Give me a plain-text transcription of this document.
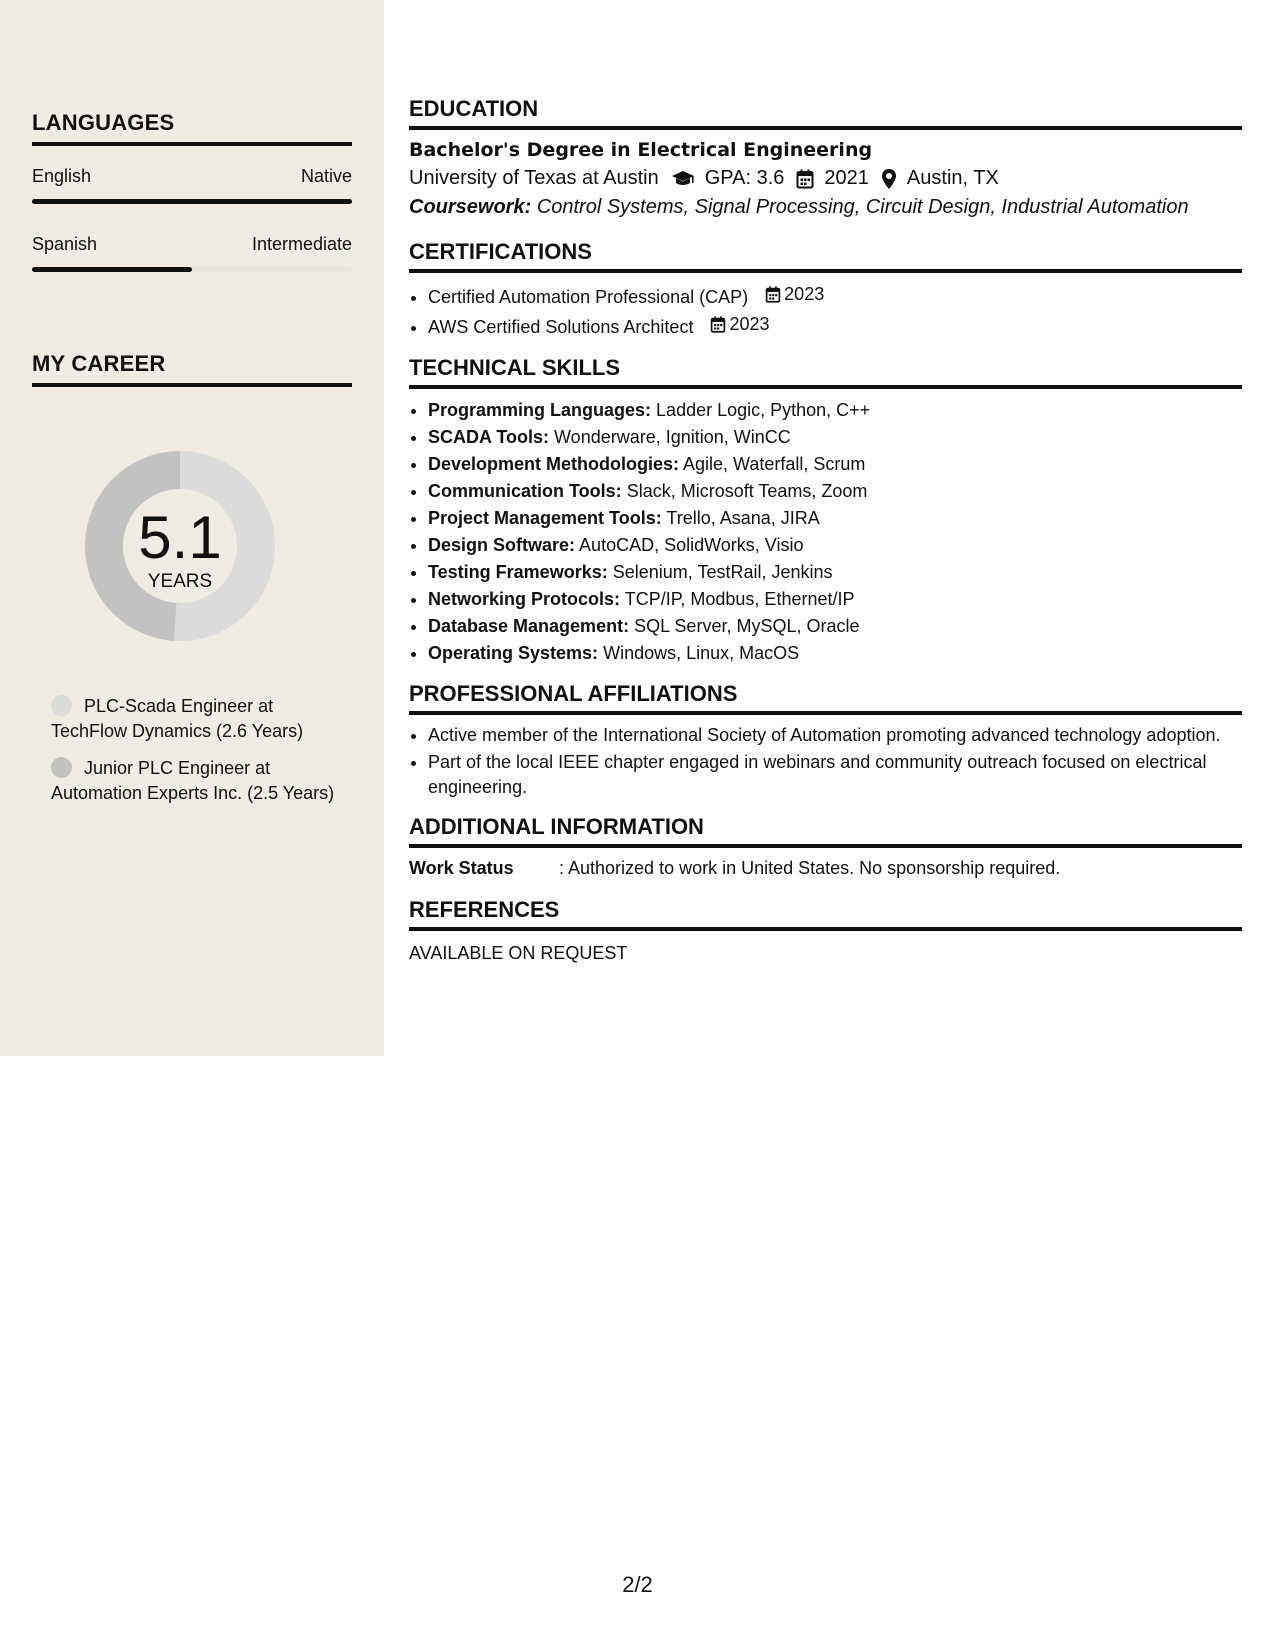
LANGUAGES
English	Native
Spanish	Intermediate
MY CAREER
5.1
YEARS
PLC-Scada Engineer at TechFlow Dynamics (2.6 Years)
Junior PLC Engineer at Automation Experts Inc. (2.5 Years)
EDUCATION
Bachelor's Degree in Electrical Engineering
University of Texas at Austin GPA: 3.6 2021 Austin, TX
Coursework: Control Systems, Signal Processing, Circuit Design, Industrial Automation
CERTIFICATIONS
• Certified Automation Professional (CAP) 2023
• AWS Certified Solutions Architect 2023
TECHNICAL SKILLS
• Programming Languages: Ladder Logic, Python, C++
• SCADA Tools: Wonderware, Ignition, WinCC
• Development Methodologies: Agile, Waterfall, Scrum
• Communication Tools: Slack, Microsoft Teams, Zoom
• Project Management Tools: Trello, Asana, JIRA
• Design Software: AutoCAD, SolidWorks, Visio
• Testing Frameworks: Selenium, TestRail, Jenkins
• Networking Protocols: TCP/IP, Modbus, Ethernet/IP
• Database Management: SQL Server, MySQL, Oracle
• Operating Systems: Windows, Linux, MacOS
PROFESSIONAL AFFILIATIONS
• Active member of the International Society of Automation promoting advanced technology adoption.
• Part of the local IEEE chapter engaged in webinars and community outreach focused on electrical engineering.
ADDITIONAL INFORMATION
Work Status	: Authorized to work in United States. No sponsorship required.
REFERENCES
AVAILABLE ON REQUEST
2/2
